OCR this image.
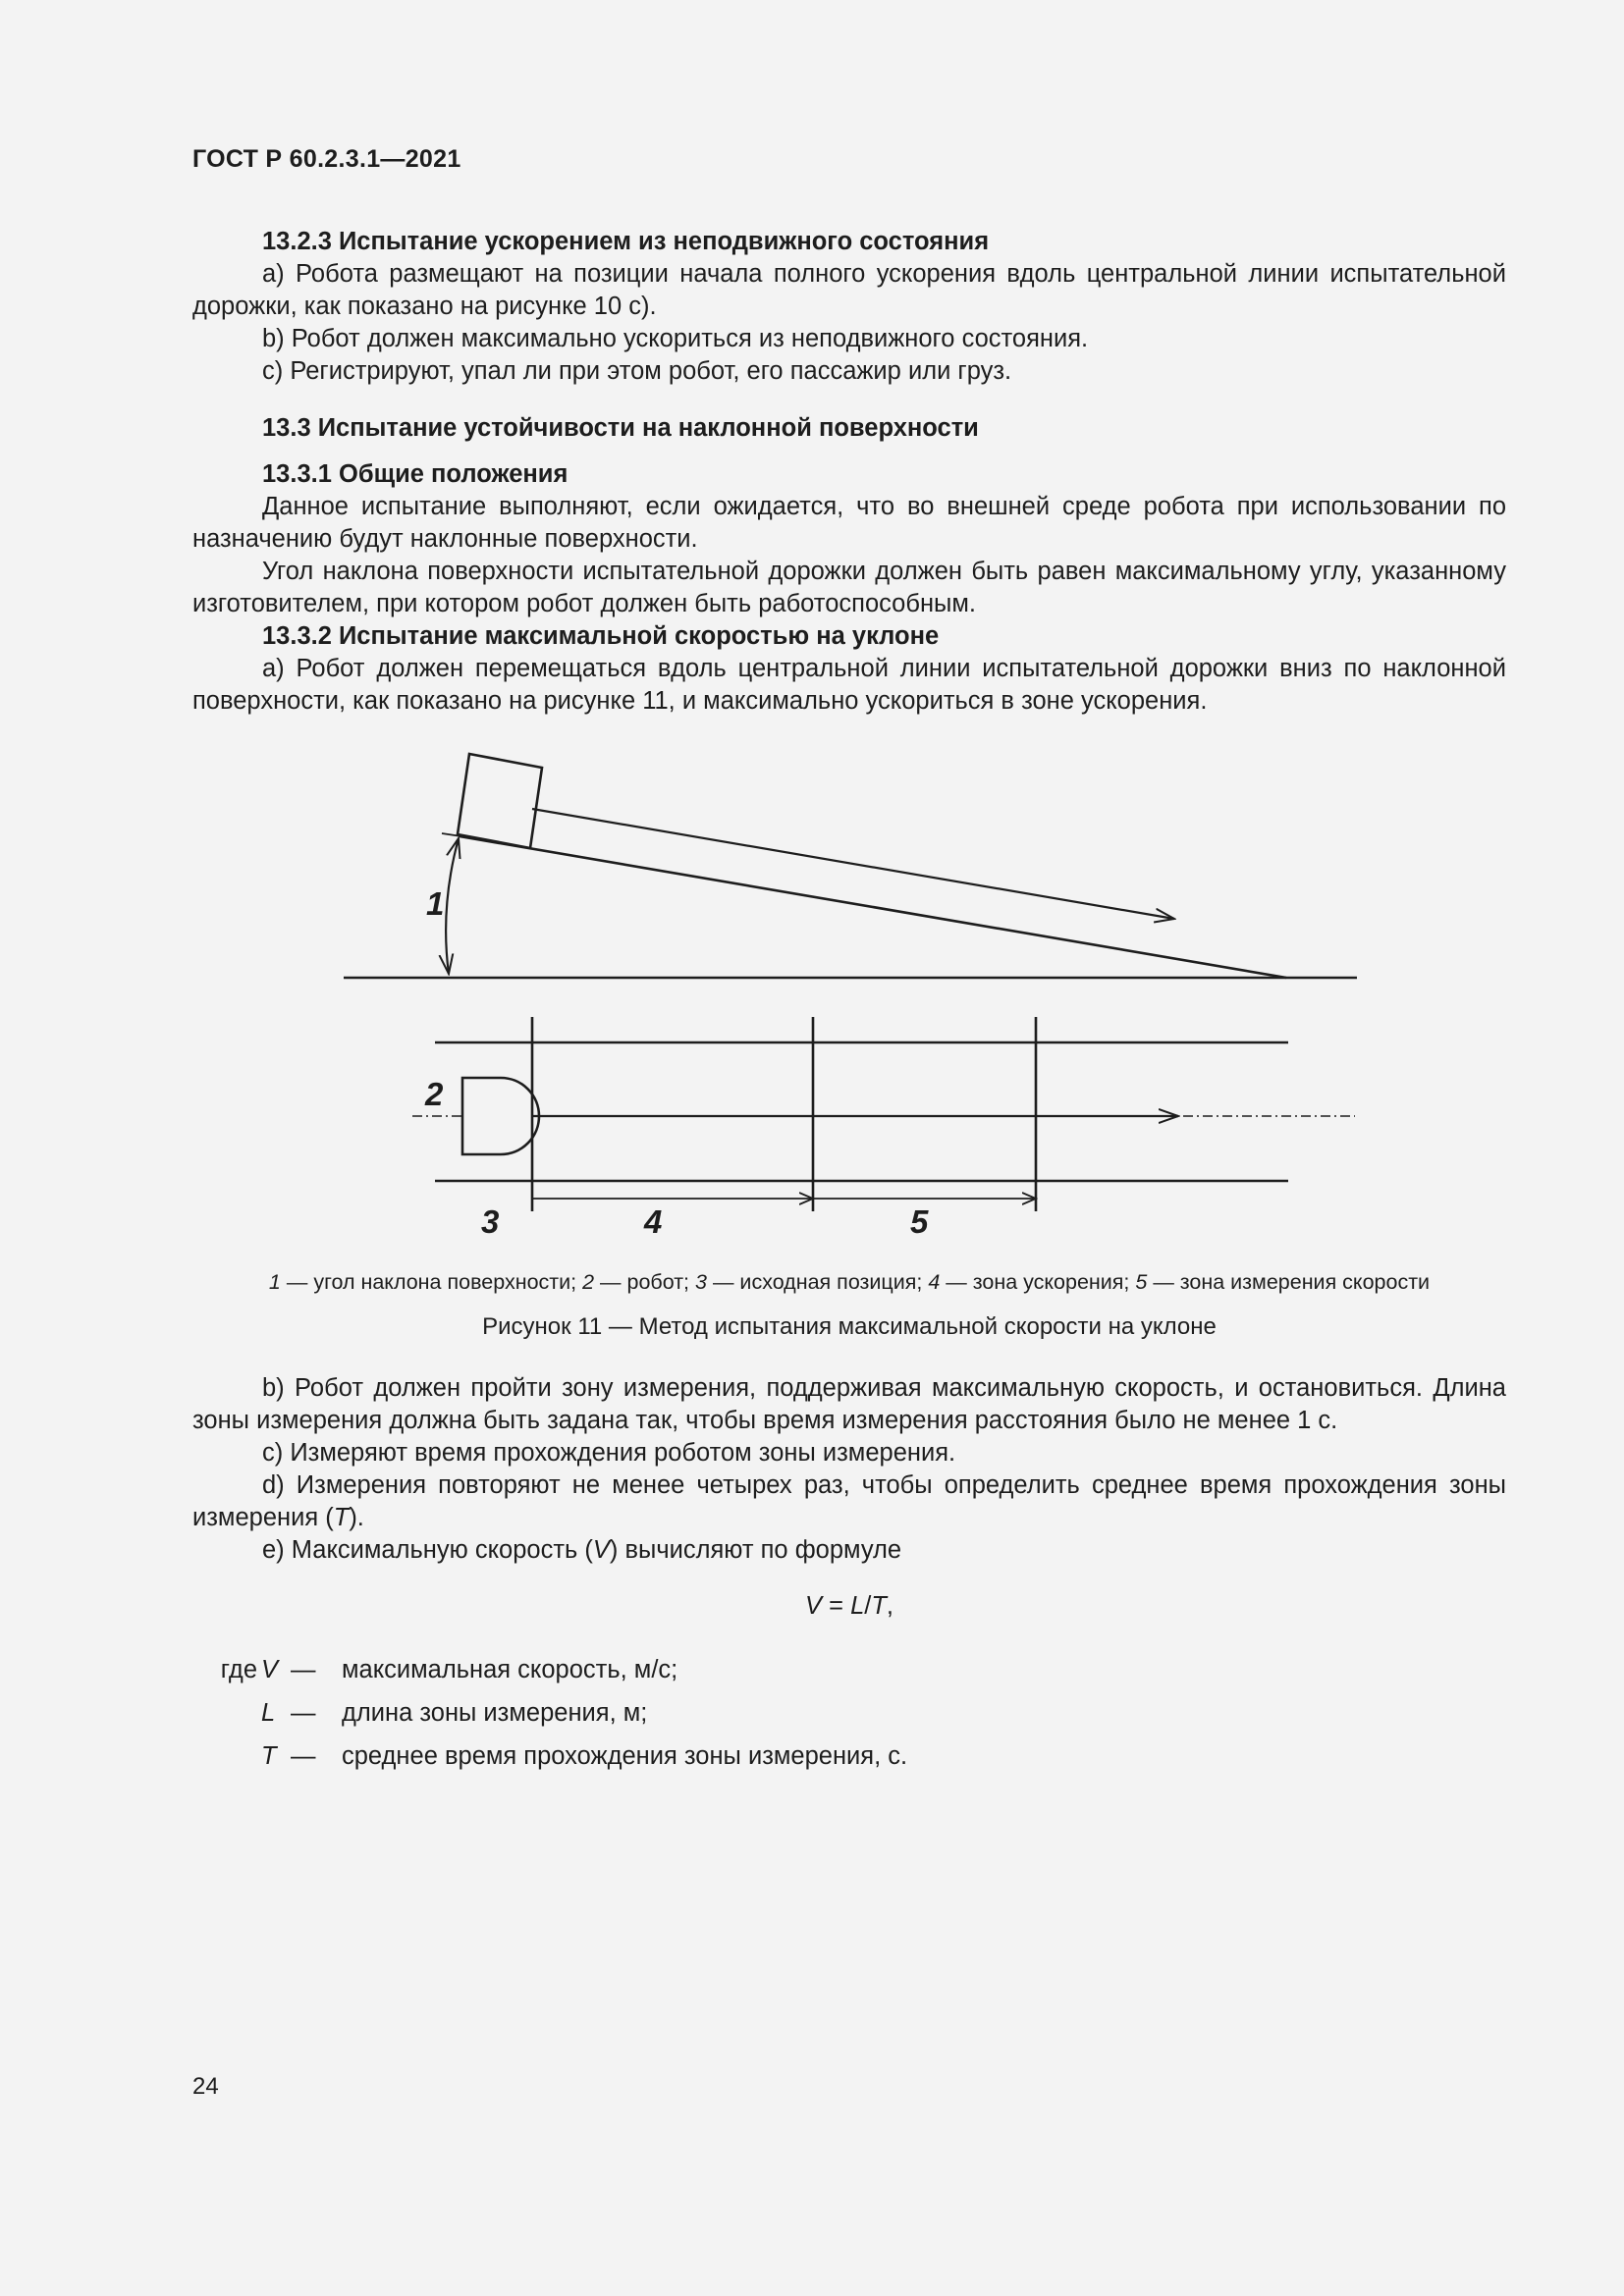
ГОСТ Р 60.2.3.1—2021

13.2.3 Испытание ускорением из неподвижного состояния

a) Робота размещают на позиции начала полного ускорения вдоль центральной линии испытательной дорожки, как показано на рисунке 10 c).

b) Робот должен максимально ускориться из неподвижного состояния.

c) Регистрируют, упал ли при этом робот, его пассажир или груз.

13.3 Испытание устойчивости на наклонной поверхности

13.3.1 Общие положения

Данное испытание выполняют, если ожидается, что во внешней среде робота при использовании по назначению будут наклонные поверхности.

Угол наклона поверхности испытательной дорожки должен быть равен максимальному углу, указанному изготовителем, при котором робот должен быть работоспособным.

13.3.2 Испытание максимальной скоростью на уклоне

a) Робот должен перемещаться вдоль центральной линии испытательной дорожки вниз по наклонной поверхности, как показано на рисунке 11, и максимально ускориться в зоне ускорения.

1
2
3	4	5
1 — угол наклона поверхности; 2 — робот; 3 — исходная позиция; 4 — зона ускорения; 5 — зона измерения скорости
Рисунок 11 — Метод испытания максимальной скорости на уклоне

b) Робот должен пройти зону измерения, поддерживая максимальную скорость, и остановиться. Длина зоны измерения должна быть задана так, чтобы время измерения расстояния было не менее 1 с.

c) Измеряют время прохождения роботом зоны измерения.

d) Измерения повторяют не менее четырех раз, чтобы определить среднее время прохождения зоны измерения (T).

e) Максимальную скорость (V) вычисляют по формуле

V = L/T,
где V —	максимальная скорость, м/с;
L —	длина зоны измерения, м;
T —	среднее время прохождения зоны измерения, с.
24
